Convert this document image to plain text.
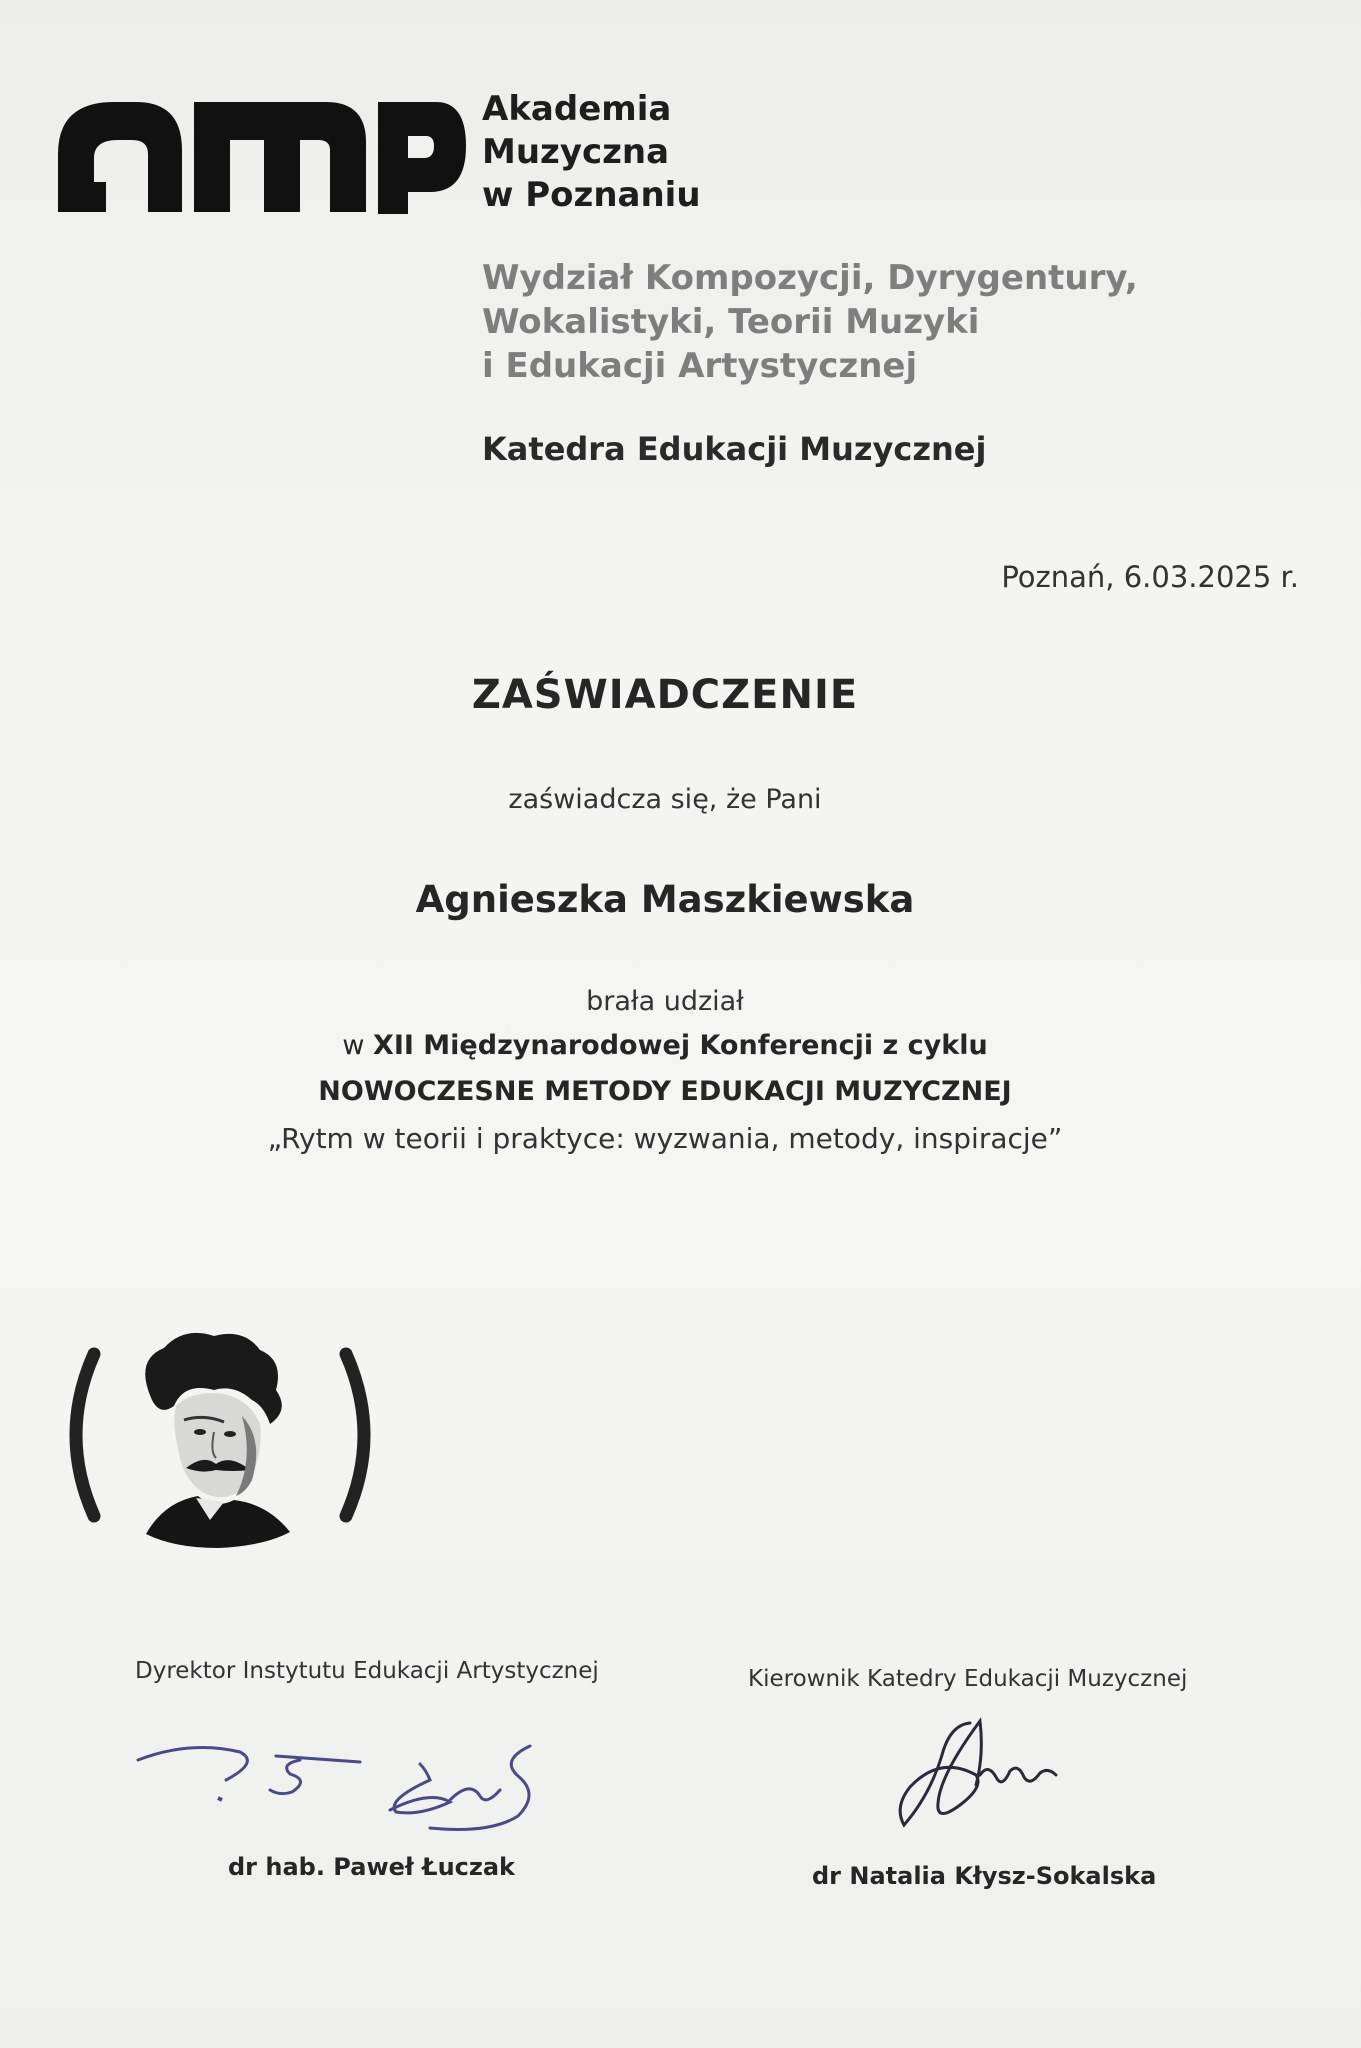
Akademia
Muzyczna
w Poznaniu
Wydział Kompozycji, Dyrygentury,
Wokalistyki, Teorii Muzyki
i Edukacji Artystycznej
Katedra Edukacji Muzycznej
Poznań, 6.03.2025 r.
ZAŚWIADCZENIE
zaświadcza się, że Pani
Agnieszka Maszkiewska
brała udział
w XII Międzynarodowej Konferencji z cyklu
NOWOCZESNE METODY EDUKACJI MUZYCZNEJ
„Rytm w teorii i praktyce: wyzwania, metody, inspiracje”
Dyrektor Instytutu Edukacji Artystycznej
dr hab. Paweł Łuczak
Kierownik Katedry Edukacji Muzycznej
dr Natalia Kłysz-Sokalska
